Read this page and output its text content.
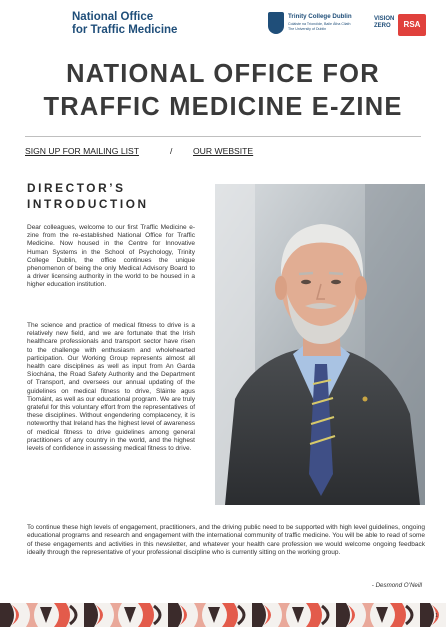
National Office
for Traffic Medicine
Trinity College Dublin
Coláiste na Tríonóide, Baile Átha Cliath
The University of Dublin
VISION
ZERO	RSA
NATIONAL OFFICE FOR
TRAFFIC MEDICINE E-ZINE
SIGN UP FOR MAILING LIST	/ OUR WEBSITE
DIRECTOR’S
INTRODUCTION

Dear colleagues, welcome to our first Traffic Medicine e-zine from the re-established National Office for Traffic Medicine. Now housed in the Centre for Innovative Human Systems in the School of Psychology, Trinity College Dublin, the office continues the unique phenomenon of being the only Medical Advisory Board to a driver licensing authority in the world to be housed in a higher education institution.

The science and practice of medical fitness to drive is a relatively new field, and we are fortunate that the Irish healthcare professionals and transport sector have risen to the challenge with enthusiasm and wholehearted participation. Our Working Group represents almost all health care disciplines as well as input from An Garda Síochána, the Road Safety Authority and the Department of Transport, and oversees our annual updating of the guidelines on medical fitness to drive, Sláinte agus Tiomáint, as well as our educational program. We are truly grateful for this voluntary effort from the representatives of these disciplines. Without engendering complacency, it is noteworthy that Ireland has the highest level of awareness of medical fitness to drive guidelines among general practitioners of any country in the world, and the highest levels of confidence in assessing medical fitness to drive.

To continue these high levels of engagement, practitioners, and the driving public need to be supported with high level guidelines, ongoing educational programs and research and engagement with the international community of traffic medicine. You will be able to read of some of these engagements and activities in this newsletter, and whatever your health care profession we would welcome ongoing feedback ideally through the representative of your professional discipline who is currently sitting on the working group.

- Desmond O’Neill
1
